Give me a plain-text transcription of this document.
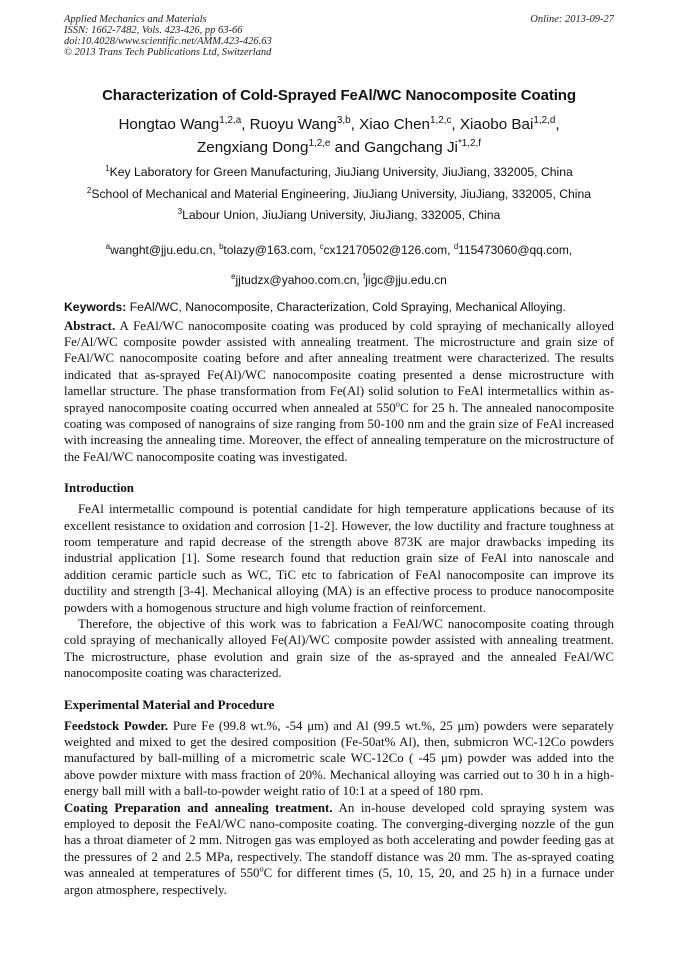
Applied Mechanics and Materials
ISSN: 1662-7482, Vols. 423-426, pp 63-66
doi:10.4028/www.scientific.net/AMM.423-426.63
© 2013 Trans Tech Publications Ltd, Switzerland
Online: 2013-09-27
Characterization of Cold-Sprayed FeAl/WC Nanocomposite Coating
Hongtao Wang$^{1,2,a}$, Ruoyu Wang$^{3,b}$, Xiao Chen$^{1,2,c}$, Xiaobo Bai$^{1,2,d}$,
Zengxiang Dong$^{1,2,e}$ and Gangchang Ji$^{*1,2,f}$
$^1$Key Laboratory for Green Manufacturing, JiuJiang University, JiuJiang, 332005, China
$^2$School of Mechanical and Material Engineering, JiuJiang University, JiuJiang, 332005, China
$^3$Labour Union, JiuJiang University, JiuJiang, 332005, China

$^a$wanght@jju.edu.cn, $^b$tolazy@163.com, $^c$cx12170502@126.com, $^d$115473060@qq.com,

$^e$jjtudzx@yahoo.com.cn, $^f$jigc@jju.edu.cn
Keywords: FeAl/WC, Nanocomposite, Characterization, Cold Spraying, Mechanical Alloying.

Abstract. A FeAl/WC nanocomposite coating was produced by cold spraying of mechanically alloyed Fe/Al/WC composite powder assisted with annealing treatment. The microstructure and grain size of FeAl/WC nanocomposite coating before and after annealing treatment were characterized. The results indicated that as-sprayed Fe(Al)/WC nanocomposite coating presented a dense microstructure with lamellar structure. The phase transformation from Fe(Al) solid solution to FeAl intermetallics within as-sprayed nanocomposite coating occurred when annealed at 550$^o$C for 25 h. The annealed nanocomposite coating was composed of nanograins of size ranging from 50-100 nm and the grain size of FeAl increased with increasing the annealing time. Moreover, the effect of annealing temperature on the microstructure of the FeAl/WC nanocomposite coating was investigated.

Introduction

FeAl intermetallic compound is potential candidate for high temperature applications because of its excellent resistance to oxidation and corrosion [1-2]. However, the low ductility and fracture toughness at room temperature and rapid decrease of the strength above 873K are major drawbacks impeding its industrial application [1]. Some research found that reduction grain size of FeAl into nanoscale and addition ceramic particle such as WC, TiC etc to fabrication of FeAl nanocomposite can improve its ductility and strength [3-4]. Mechanical alloying (MA) is an effective process to produce nanocomposite powders with a homogenous structure and high volume fraction of reinforcement.

Therefore, the objective of this work was to fabrication a FeAl/WC nanocomposite coating through cold spraying of mechanically alloyed Fe(Al)/WC composite powder assisted with annealing treatment. The microstructure, phase evolution and grain size of the as-sprayed and the annealed FeAl/WC nanocomposite coating was characterized.

Experimental Material and Procedure

Feedstock Powder. Pure Fe (99.8 wt.%, -54 μm) and Al (99.5 wt.%, 25 μm) powders were separately weighted and mixed to get the desired composition (Fe-50at% Al), then, submicron WC-12Co powders manufactured by ball-milling of a micrometric scale WC-12Co ( -45 μm) powder was added into the above powder mixture with mass fraction of 20%. Mechanical alloying was carried out to 30 h in a high-energy ball mill with a ball-to-powder weight ratio of 10:1 at a speed of 180 rpm.

Coating Preparation and annealing treatment. An in-house developed cold spraying system was employed to deposit the FeAl/WC nano-composite coating. The converging-diverging nozzle of the gun has a throat diameter of 2 mm. Nitrogen gas was employed as both accelerating and powder feeding gas at the pressures of 2 and 2.5 MPa, respectively. The standoff distance was 20 mm. The as-sprayed coating was annealed at temperatures of 550$^o$C for different times (5, 10, 15, 20, and 25 h) in a furnace under argon atmosphere, respectively.
